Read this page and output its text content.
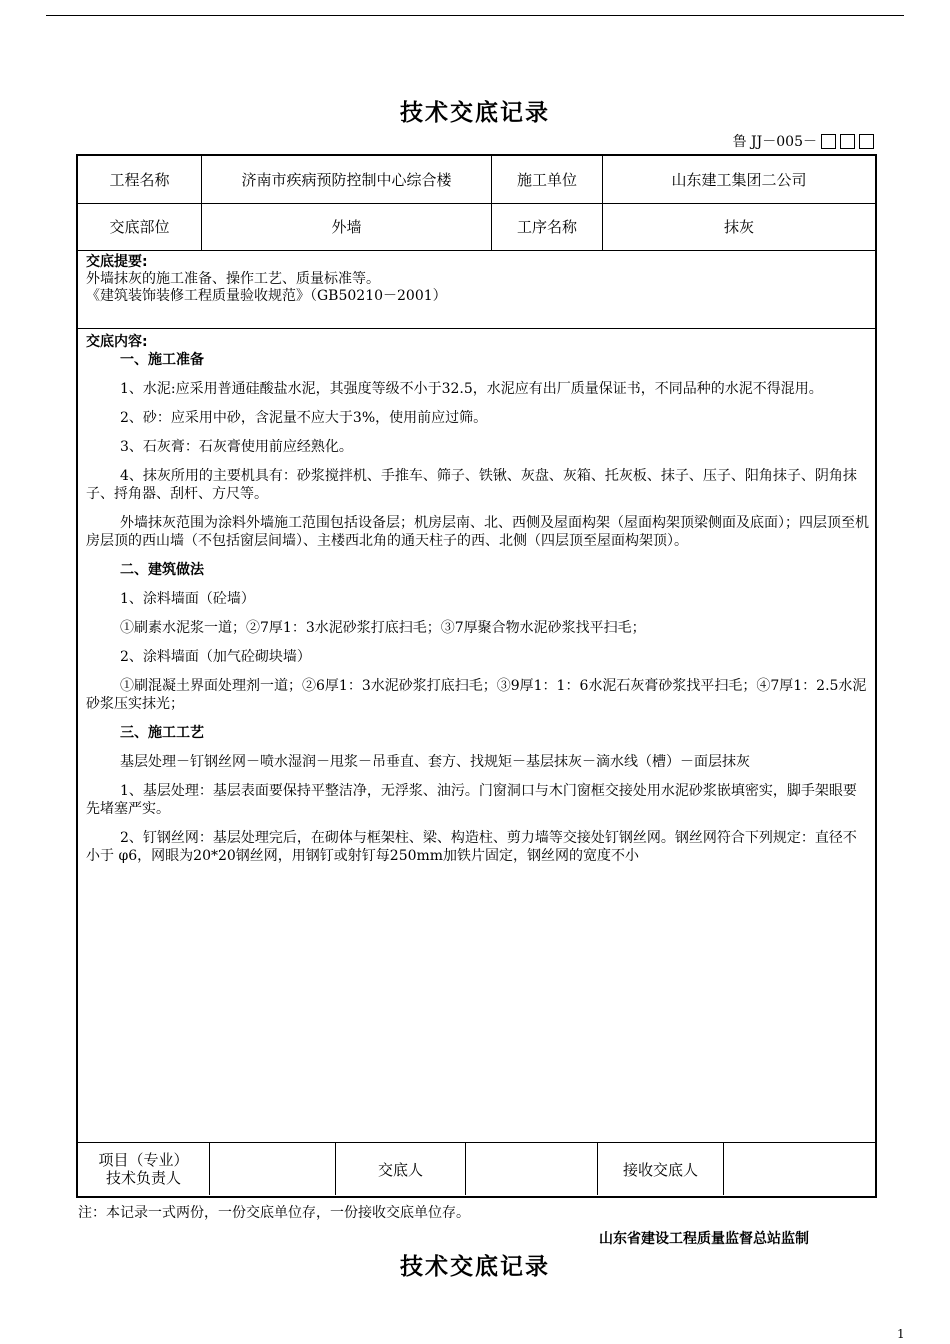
技术交底记录
鲁 JJ－005－
工程名称	济南市疾病预防控制中心综合楼	施工单位	山东建工集团二公司
交底部位	外墙	工序名称	抹灰
交底提要:
外墙抹灰的施工准备、操作工艺、质量标准等。
《建筑装饰装修工程质量验收规范》（GB50210－2001）

交底内容:

一、施工准备

1、水泥:应采用普通硅酸盐水泥，其强度等级不小于32.5，水泥应有出厂质量保证书，不同品种的水泥不得混用。

2、砂：应采用中砂，含泥量不应大于3%，使用前应过筛。

3、石灰膏：石灰膏使用前应经熟化。

4、抹灰所用的主要机具有：砂浆搅拌机、手推车、筛子、铁锹、灰盘、灰箱、托灰板、抹子、压子、阳角抹子、阴角抹子、捋角器、刮杆、方尺等。

外墙抹灰范围为涂料外墙施工范围包括设备层；机房层南、北、西侧及屋面构架（屋面构架顶梁侧面及底面）；四层顶至机房层顶的西山墙（不包括窗层间墙）、主楼西北角的通天柱子的西、北侧（四层顶至屋面构架顶）。

二、建筑做法

1、涂料墙面（砼墙）

①刷素水泥浆一道；②7厚1：3水泥砂浆打底扫毛；③7厚聚合物水泥砂浆找平扫毛；

2、涂料墙面（加气砼砌块墙）

①刷混凝土界面处理剂一道；②6厚1：3水泥砂浆打底扫毛；③9厚1：1：6水泥石灰膏砂浆找平扫毛；④7厚1：2.5水泥砂浆压实抹光；

三、施工工艺

基层处理－钉钢丝网－喷水湿润－甩浆－吊垂直、套方、找规矩－基层抹灰－滴水线（槽）－面层抹灰

1、基层处理：基层表面要保持平整洁净，无浮浆、油污。门窗洞口与木门窗框交接处用水泥砂浆嵌填密实，脚手架眼要先堵塞严实。

2、钉钢丝网：基层处理完后，在砌体与框架柱、梁、构造柱、剪力墙等交接处钉钢丝网。钢丝网符合下列规定：直径不小于 φ6，网眼为20*20钢丝网，用钢钉或射钉每250mm加铁片固定，钢丝网的宽度不小

项目（专业）
技术负责人	交底人	接收交底人
注：本记录一式两份，一份交底单位存，一份接收交底单位存。
山东省建设工程质量监督总站监制
技术交底记录
1
